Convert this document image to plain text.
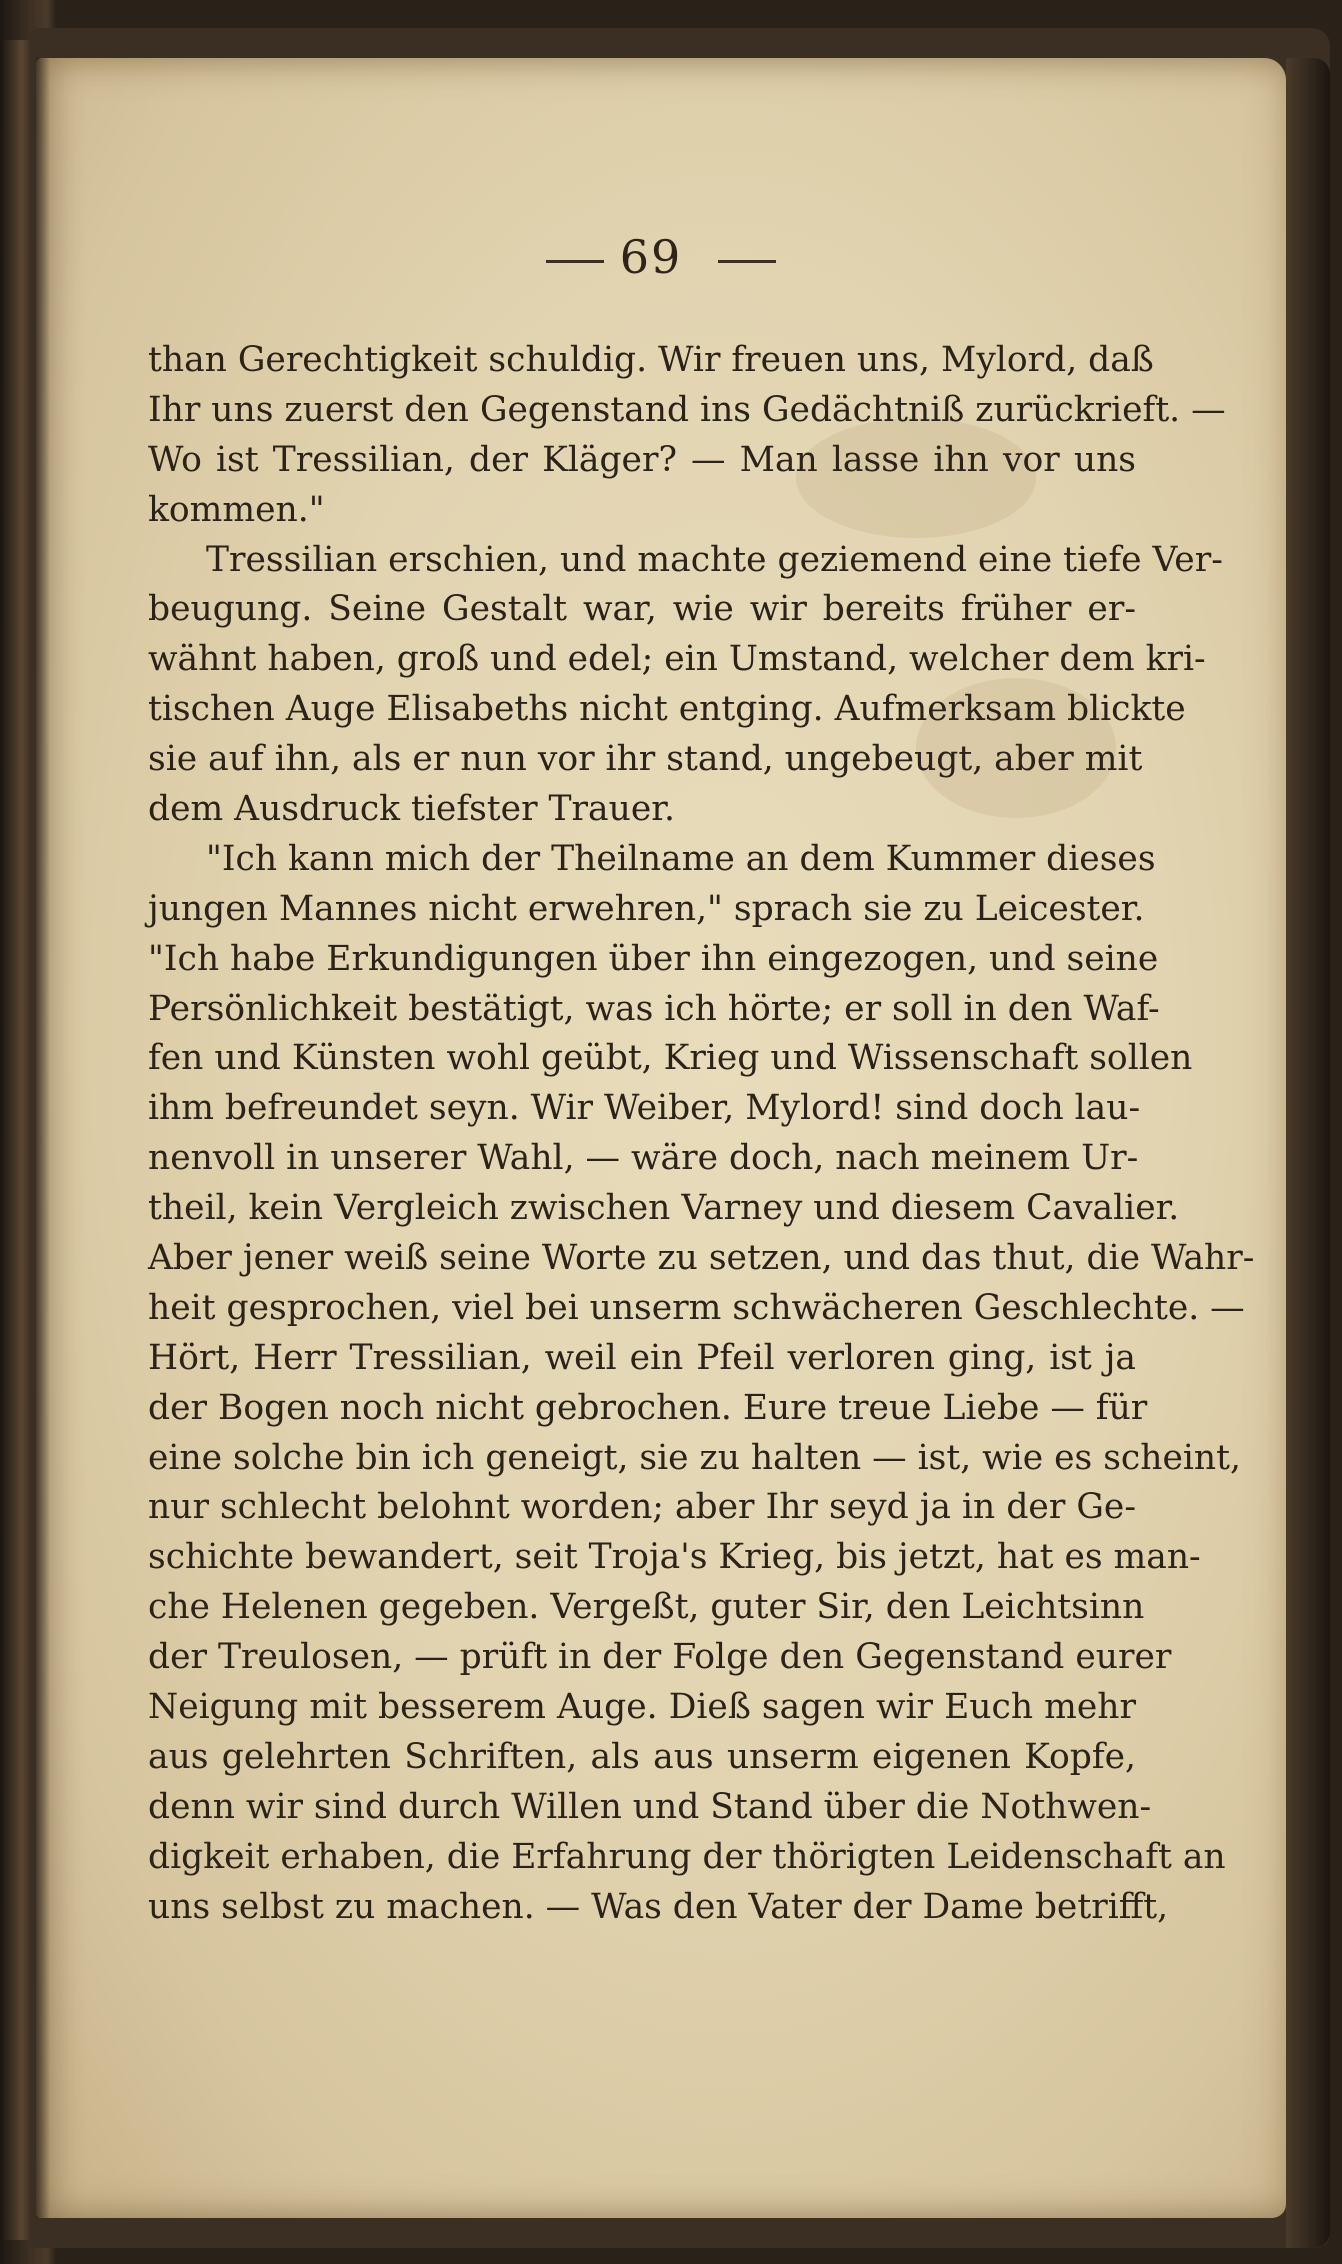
69
than Gerechtigkeit schuldig. Wir freuen uns, Mylord, daß
Ihr uns zuerst den Gegenstand ins Gedächtniß zurückrieft. —
Wo ist Tressilian, der Kläger? — Man lasse ihn vor uns
kommen."
Tressilian erschien, und machte geziemend eine tiefe Ver-
beugung. Seine Gestalt war, wie wir bereits früher er-
wähnt haben, groß und edel; ein Umstand, welcher dem kri-
tischen Auge Elisabeths nicht entging. Aufmerksam blickte
sie auf ihn, als er nun vor ihr stand, ungebeugt, aber mit
dem Ausdruck tiefster Trauer.
"Ich kann mich der Theilname an dem Kummer dieses
jungen Mannes nicht erwehren," sprach sie zu Leicester.
"Ich habe Erkundigungen über ihn eingezogen, und seine
Persönlichkeit bestätigt, was ich hörte; er soll in den Waf-
fen und Künsten wohl geübt, Krieg und Wissenschaft sollen
ihm befreundet seyn. Wir Weiber, Mylord! sind doch lau-
nenvoll in unserer Wahl, — wäre doch, nach meinem Ur-
theil, kein Vergleich zwischen Varney und diesem Cavalier.
Aber jener weiß seine Worte zu setzen, und das thut, die Wahr-
heit gesprochen, viel bei unserm schwächeren Geschlechte. —
Hört, Herr Tressilian, weil ein Pfeil verloren ging, ist ja
der Bogen noch nicht gebrochen. Eure treue Liebe — für
eine solche bin ich geneigt, sie zu halten — ist, wie es scheint,
nur schlecht belohnt worden; aber Ihr seyd ja in der Ge-
schichte bewandert, seit Troja's Krieg, bis jetzt, hat es man-
che Helenen gegeben. Vergeßt, guter Sir, den Leichtsinn
der Treulosen, — prüft in der Folge den Gegenstand eurer
Neigung mit besserem Auge. Dieß sagen wir Euch mehr
aus gelehrten Schriften, als aus unserm eigenen Kopfe,
denn wir sind durch Willen und Stand über die Nothwen-
digkeit erhaben, die Erfahrung der thörigten Leidenschaft an
uns selbst zu machen. — Was den Vater der Dame betrifft,
